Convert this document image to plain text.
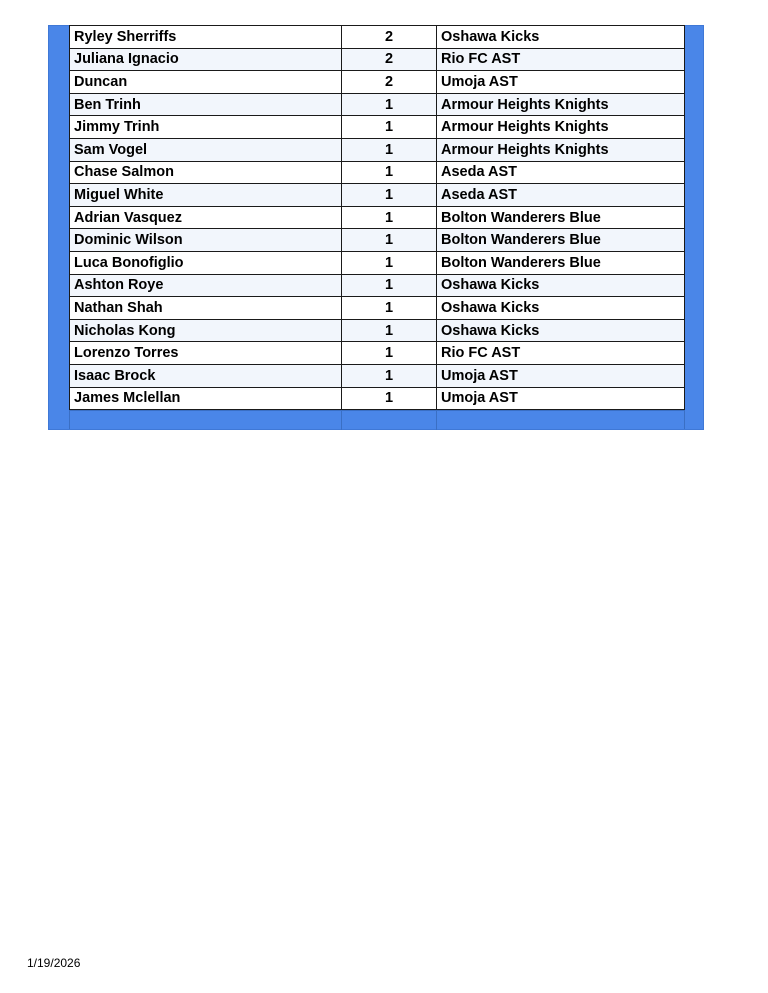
Ryley Sherriffs	2	Oshawa Kicks
Juliana Ignacio	2	Rio FC AST
Duncan	2	Umoja AST
Ben Trinh	1	Armour Heights Knights
Jimmy Trinh	1	Armour Heights Knights
Sam Vogel	1	Armour Heights Knights
Chase Salmon	1	Aseda AST
Miguel White	1	Aseda AST
Adrian Vasquez	1	Bolton Wanderers Blue
Dominic Wilson	1	Bolton Wanderers Blue
Luca Bonofiglio	1	Bolton Wanderers Blue
Ashton Roye	1	Oshawa Kicks
Nathan Shah	1	Oshawa Kicks
Nicholas Kong	1	Oshawa Kicks
Lorenzo Torres	1	Rio FC AST
Isaac Brock	1	Umoja AST
James Mclellan	1	Umoja AST
1/19/2026
